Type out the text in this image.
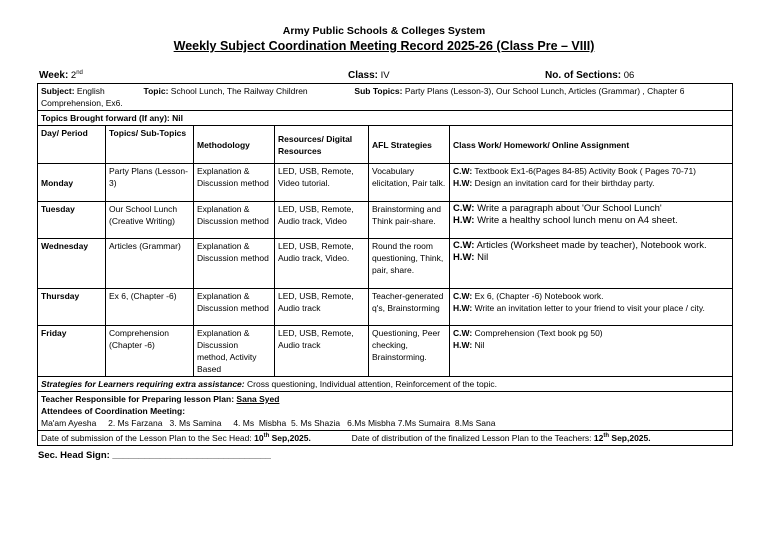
Army Public Schools & Colleges System
Weekly Subject Coordination Meeting Record 2025-26 (Class Pre – VIII)
Week: 2nd	Class: IV	No. of Sections: 06
Subject: English Topic: School Lunch, The Railway Children Sub Topics: Party Plans (Lesson-3), Our School Lunch, Articles (Grammar) , Chapter 6 Comprehension, Ex6.					
Topics Brought forward (If any): Nil					
Day/ Period	Topics/ Sub-Topics	Methodology	Resources/ Digital Resources	AFL Strategies	Class Work/ Homework/ Online Assignment
Monday	Party Plans (Lesson-3)	Explanation & Discussion method	LED, USB, Remote, Video tutorial.	Vocabulary elicitation, Pair talk.	C.W: Textbook Ex1-6(Pages 84-85) Activity Book ( Pages 70-71)
H.W: Design an invitation card for their birthday party.

Tuesday	Our School Lunch (Creative Writing)	Explanation & Discussion method	LED, USB, Remote, Audio track, Video	Brainstorming and Think pair-share.	C.W: Write a paragraph about 'Our School Lunch'
H.W: Write a healthy school lunch menu on A4 sheet.

Wednesday	Articles (Grammar)	Explanation & Discussion method	LED, USB, Remote, Audio track, Video.	Round the room questioning, Think, pair, share.	C.W: Articles (Worksheet made by teacher), Notebook work.
H.W: Nil

Thursday	Ex 6, (Chapter -6)	Explanation & Discussion method	LED, USB, Remote, Audio track	Teacher-generated q's, Brainstorming	C.W: Ex 6, (Chapter -6) Notebook work.
H.W: Write an invitation letter to your friend to visit your place / city.

Friday	Comprehension (Chapter -6)	Explanation & Discussion method, Activity Based	LED, USB, Remote, Audio track	Questioning, Peer checking, Brainstorming.	C.W: Comprehension (Text book pg 50)
H.W: Nil

Strategies for Learners requiring extra assistance: Cross questioning, Individual attention, Reinforcement of the topic.					

Teacher Responsible for Preparing lesson Plan: Sana Syed
Attendees of Coordination Meeting:
Ma'am Ayesha     2. Ms Farzana   3. Ms Samina     4. Ms  Misbha  5. Ms Shazia   6.Ms Misbha 7.Ms Sumaira  8.Ms Sana					

Date of submission of the Lesson Plan to the Sec Head: 10th Sep,2025. Date of distribution of the finalized Lesson Plan to the Teachers: 12th Sep,2025.					
Sec. Head Sign: ______________________________
